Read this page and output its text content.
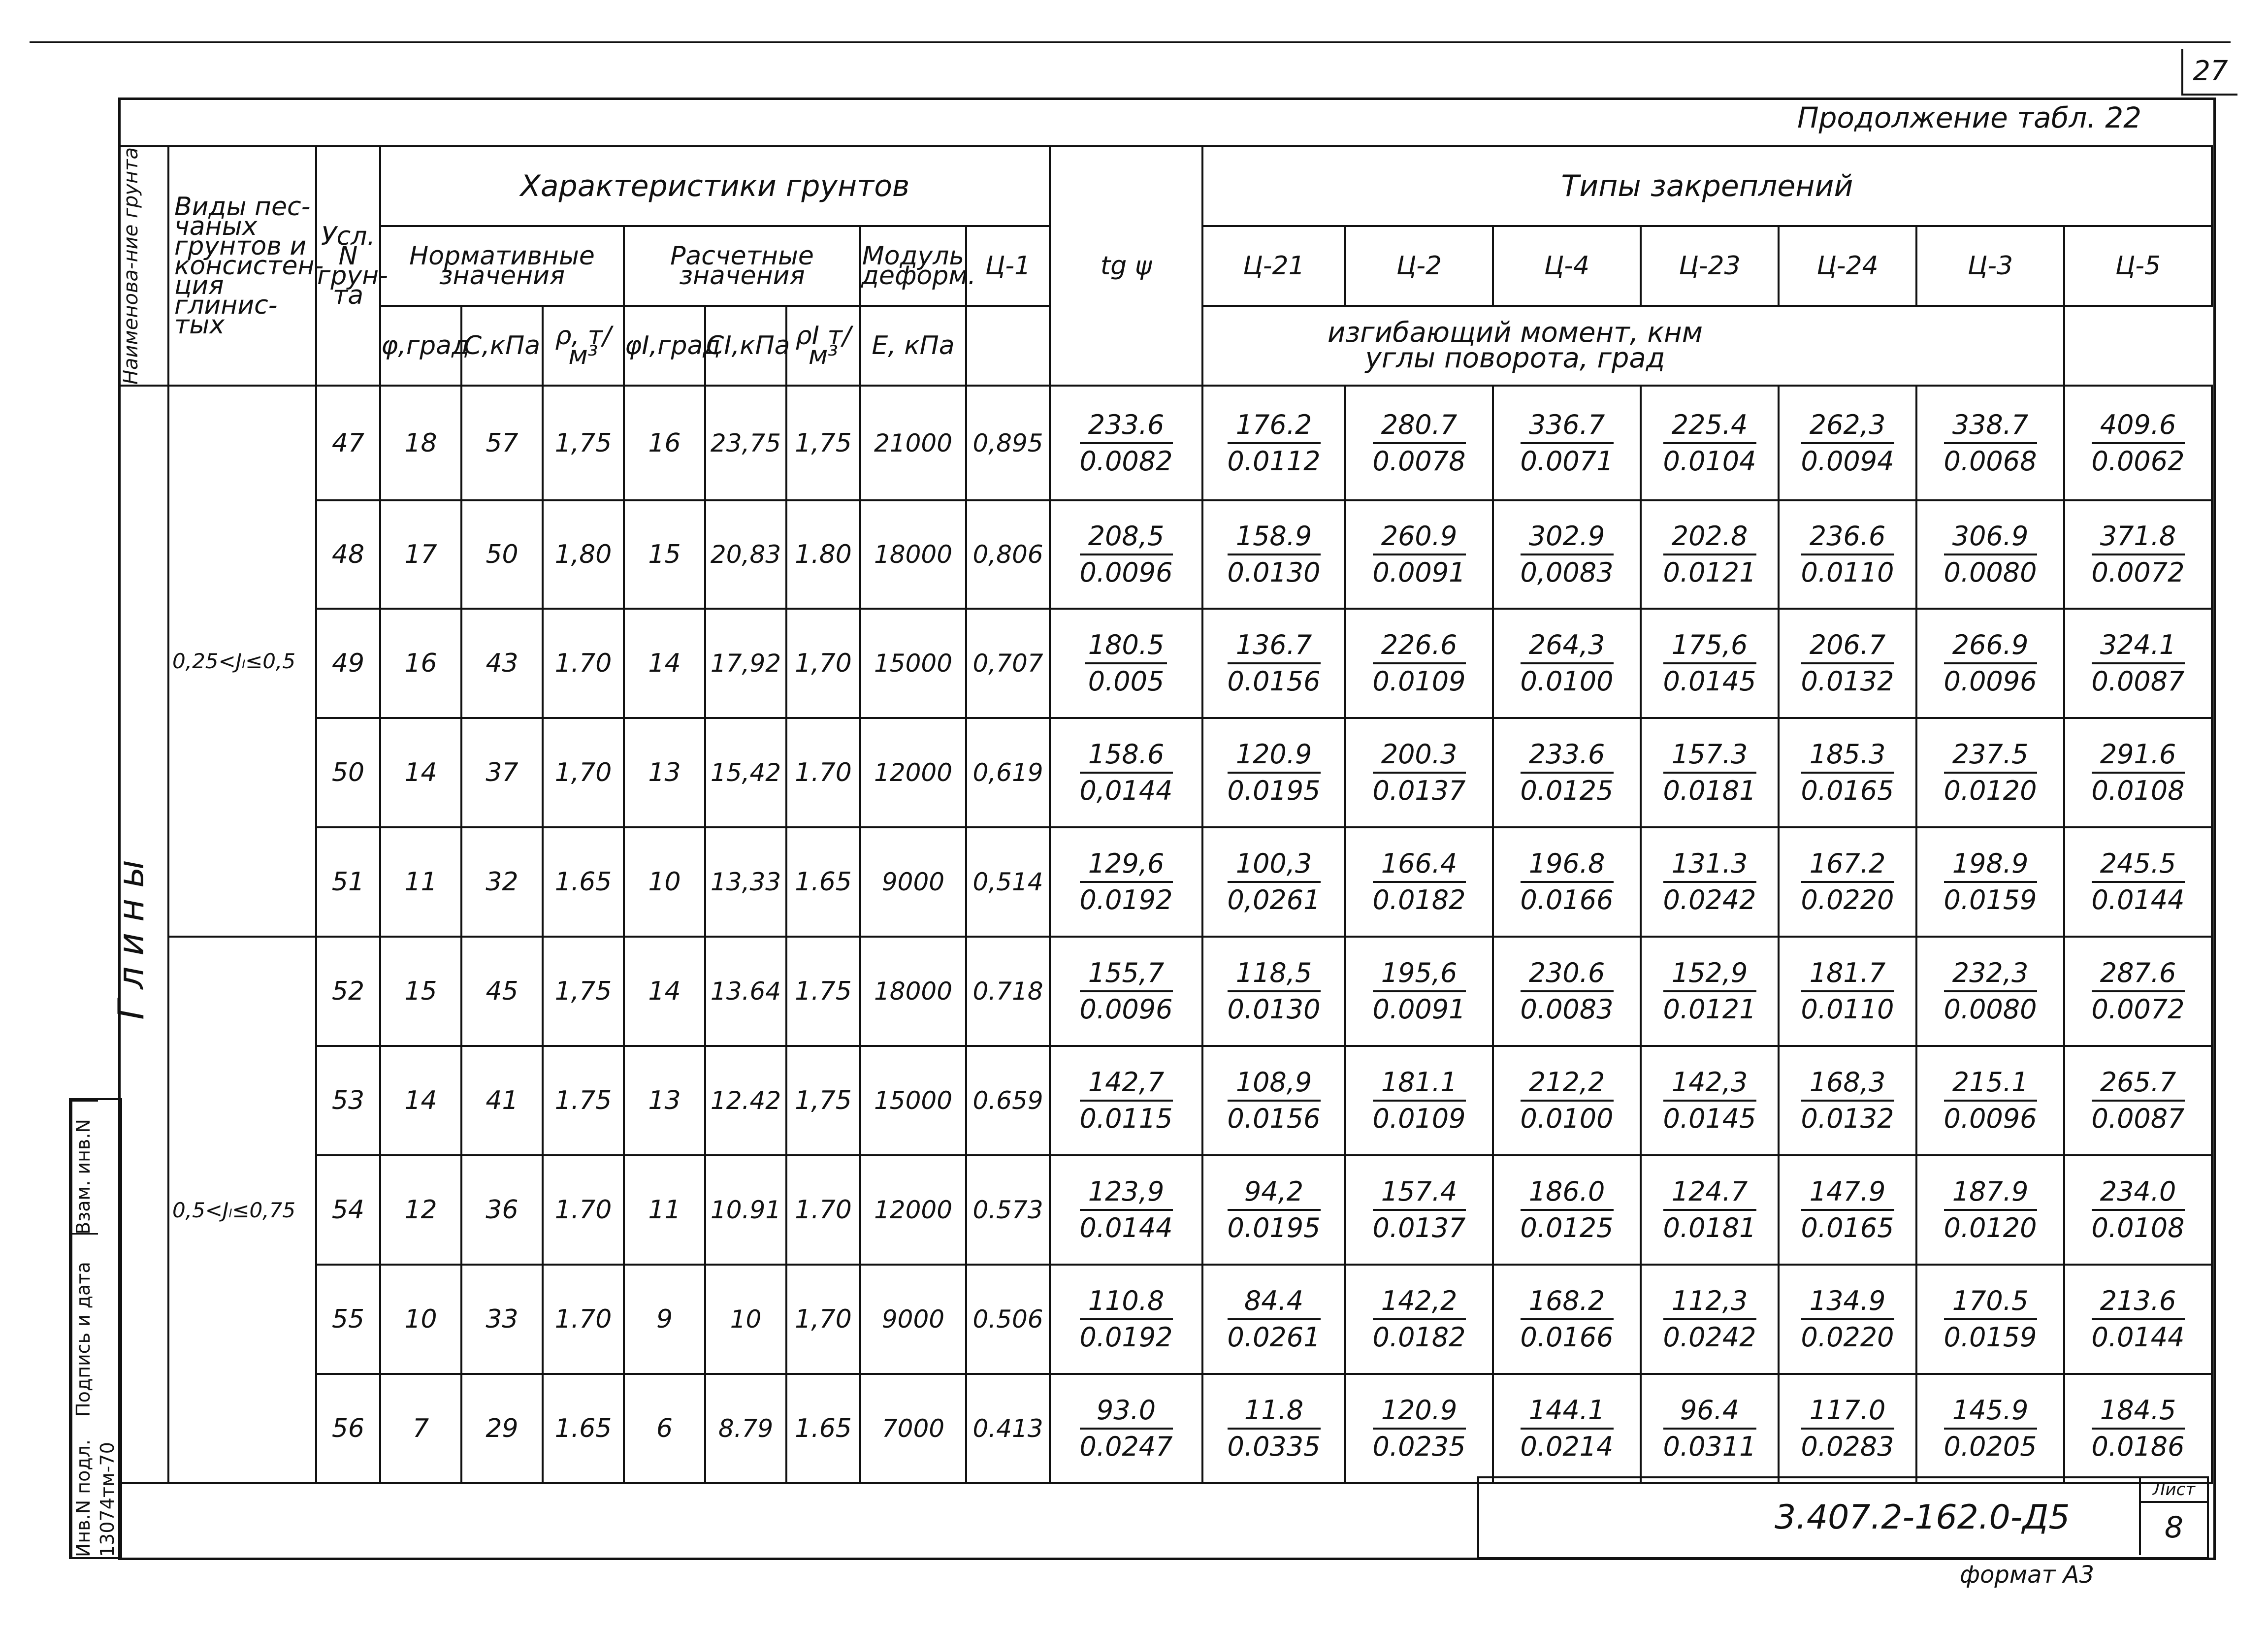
27
Продолжение табл. 22
Наименова-ние грунта	Виды пес-чаных грунтов и консистен-ция глинис-тых	Усл. N грун-та	Характеристики грунтов								tg ψ	Типы закреплений						
			Нормативные значения			Расчетные значения			Модуль деформ.	Ц-1		Ц-21	Ц-2	Ц-4	Ц-23	Ц-24	Ц-3	Ц-5
			φ,град	C,кПа	ρ, т/м³	φI,град	CI,кПа	ρI т/м³	E, кПа	изгибающий момент, кнм
углы поворота, град								

Глины	0,25<Jₗ≤0,5	47	18	57	1,75	16	23,75	1,75	21000	0,895	$\frac{233.6}{0.0082}$	$\frac{176.2}{0.0112}$	$\frac{280.7}{0.0078}$	$\frac{336.7}{0.0071}$	$\frac{225.4}{0.0104}$	$\frac{262,3}{0.0094}$	$\frac{338.7}{0.0068}$	$\frac{409.6}{0.0062}$

		48	17	50	1,80	15	20,83	1.80	18000	0,806	$\frac{208,5}{0.0096}$	$\frac{158.9}{0.0130}$	$\frac{260.9}{0.0091}$	$\frac{302.9}{0,0083}$	$\frac{202.8}{0.0121}$	$\frac{236.6}{0.0110}$	$\frac{306.9}{0.0080}$	$\frac{371.8}{0.0072}$

		49	16	43	1.70	14	17,92	1,70	15000	0,707	$\frac{180.5}{0.005}$	$\frac{136.7}{0.0156}$	$\frac{226.6}{0.0109}$	$\frac{264,3}{0.0100}$	$\frac{175,6}{0.0145}$	$\frac{206.7}{0.0132}$	$\frac{266.9}{0.0096}$	$\frac{324.1}{0.0087}$

		50	14	37	1,70	13	15,42	1.70	12000	0,619	$\frac{158.6}{0,0144}$	$\frac{120.9}{0.0195}$	$\frac{200.3}{0.0137}$	$\frac{233.6}{0.0125}$	$\frac{157.3}{0.0181}$	$\frac{185.3}{0.0165}$	$\frac{237.5}{0.0120}$	$\frac{291.6}{0.0108}$

		51	11	32	1.65	10	13,33	1.65	9000	0,514	$\frac{129,6}{0.0192}$	$\frac{100,3}{0,0261}$	$\frac{166.4}{0.0182}$	$\frac{196.8}{0.0166}$	$\frac{131.3}{0.0242}$	$\frac{167.2}{0.0220}$	$\frac{198.9}{0.0159}$	$\frac{245.5}{0.0144}$

	0,5<Jₗ≤0,75	52	15	45	1,75	14	13.64	1.75	18000	0.718	$\frac{155,7}{0.0096}$	$\frac{118,5}{0.0130}$	$\frac{195,6}{0.0091}$	$\frac{230.6}{0.0083}$	$\frac{152,9}{0.0121}$	$\frac{181.7}{0.0110}$	$\frac{232,3}{0.0080}$	$\frac{287.6}{0.0072}$

		53	14	41	1.75	13	12.42	1,75	15000	0.659	$\frac{142,7}{0.0115}$	$\frac{108,9}{0.0156}$	$\frac{181.1}{0.0109}$	$\frac{212,2}{0.0100}$	$\frac{142,3}{0.0145}$	$\frac{168,3}{0.0132}$	$\frac{215.1}{0.0096}$	$\frac{265.7}{0.0087}$

		54	12	36	1.70	11	10.91	1.70	12000	0.573	$\frac{123,9}{0.0144}$	$\frac{94,2}{0.0195}$	$\frac{157.4}{0.0137}$	$\frac{186.0}{0.0125}$	$\frac{124.7}{0.0181}$	$\frac{147.9}{0.0165}$	$\frac{187.9}{0.0120}$	$\frac{234.0}{0.0108}$

		55	10	33	1.70	9	10	1,70	9000	0.506	$\frac{110.8}{0.0192}$	$\frac{84.4}{0.0261}$	$\frac{142,2}{0.0182}$	$\frac{168.2}{0.0166}$	$\frac{112,3}{0.0242}$	$\frac{134.9}{0.0220}$	$\frac{170.5}{0.0159}$	$\frac{213.6}{0.0144}$

		56	7	29	1.65	6	8.79	1.65	7000	0.413	$\frac{93.0}{0.0247}$	$\frac{11.8}{0.0335}$	$\frac{120.9}{0.0235}$	$\frac{144.1}{0.0214}$	$\frac{96.4}{0.0311}$	$\frac{117.0}{0.0283}$	$\frac{145.9}{0.0205}$	$\frac{184.5}{0.0186}$
Взам. инв.N
Подпись и дата
Инв.N подл. 13074тм-70	3.407.2-162.0-Д5
Лист
8
формат А3
